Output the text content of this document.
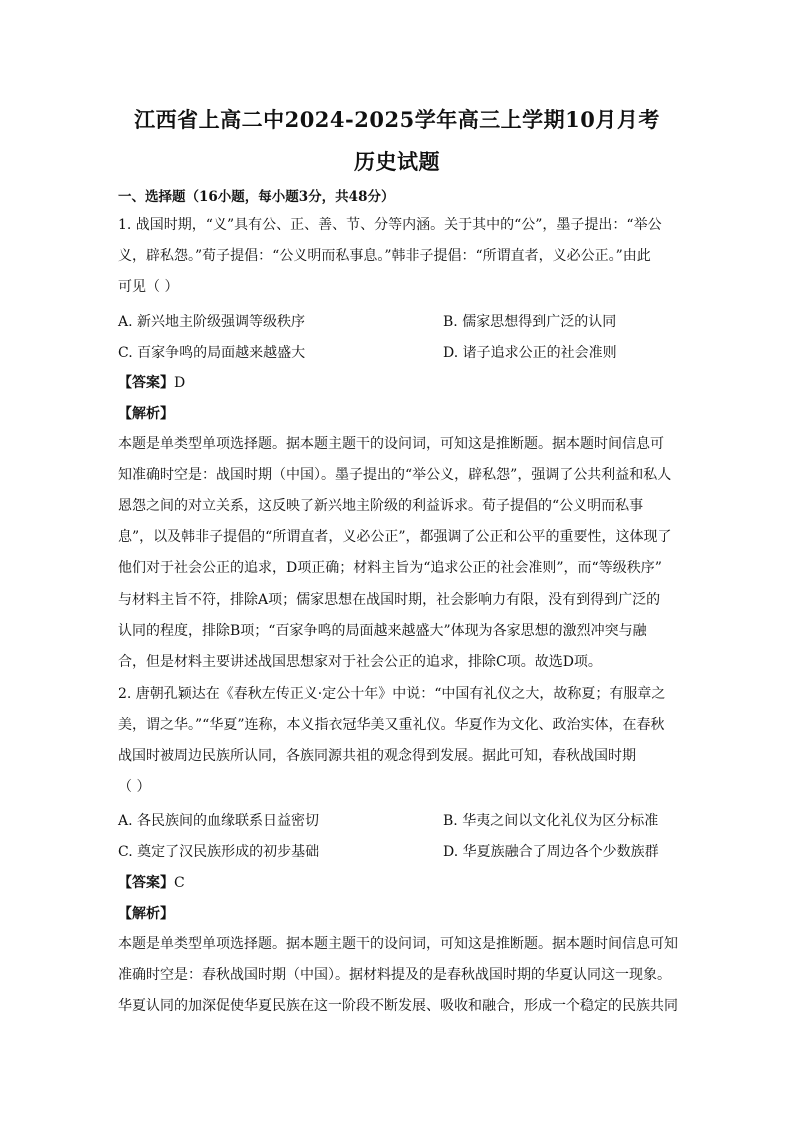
江西省上高二中2024-2025学年高三上学期10月月考
历史试题
一、选择题（16小题，每小题3分，共48分）
1. 战国时期，“义”具有公、正、善、节、分等内涵。关于其中的“公”，墨子提出：“举公
义，辟私怨。”荀子提倡：“公义明而私事息。”韩非子提倡：“所谓直者，义必公正。”由此
可见（ ）
A. 新兴地主阶级强调等级秩序	B. 儒家思想得到广泛的认同
C. 百家争鸣的局面越来越盛大	D. 诸子追求公正的社会准则
【答案】D
【解析】
本题是单类型单项选择题。据本题主题干的设问词，可知这是推断题。据本题时间信息可
知准确时空是：战国时期（中国）。墨子提出的“举公义，辟私怨”，强调了公共利益和私人
恩怨之间的对立关系，这反映了新兴地主阶级的利益诉求。荀子提倡的“公义明而私事
息”，以及韩非子提倡的“所谓直者，义必公正”，都强调了公正和公平的重要性，这体现了
他们对于社会公正的追求，D项正确；材料主旨为“追求公正的社会准则”，而“等级秩序”
与材料主旨不符，排除A项；儒家思想在战国时期，社会影响力有限，没有到得到广泛的
认同的程度，排除B项；“百家争鸣的局面越来越盛大”体现为各家思想的激烈冲突与融
合，但是材料主要讲述战国思想家对于社会公正的追求，排除C项。故选D项。
2. 唐朝孔颖达在《春秋左传正义·定公十年》中说：“中国有礼仪之大，故称夏；有服章之
美，谓之华。”“华夏”连称，本义指衣冠华美又重礼仪。华夏作为文化、政治实体，在春秋
战国时被周边民族所认同，各族同源共祖的观念得到发展。据此可知，春秋战国时期
（ ）
A. 各民族间的血缘联系日益密切	B. 华夷之间以文化礼仪为区分标准
C. 奠定了汉民族形成的初步基础	D. 华夏族融合了周边各个少数族群
【答案】C
【解析】
本题是单类型单项选择题。据本题主题干的设问词，可知这是推断题。据本题时间信息可知
准确时空是：春秋战国时期（中国）。据材料提及的是春秋战国时期的华夏认同这一现象。
华夏认同的加深促使华夏民族在这一阶段不断发展、吸收和融合，形成一个稳定的民族共同
